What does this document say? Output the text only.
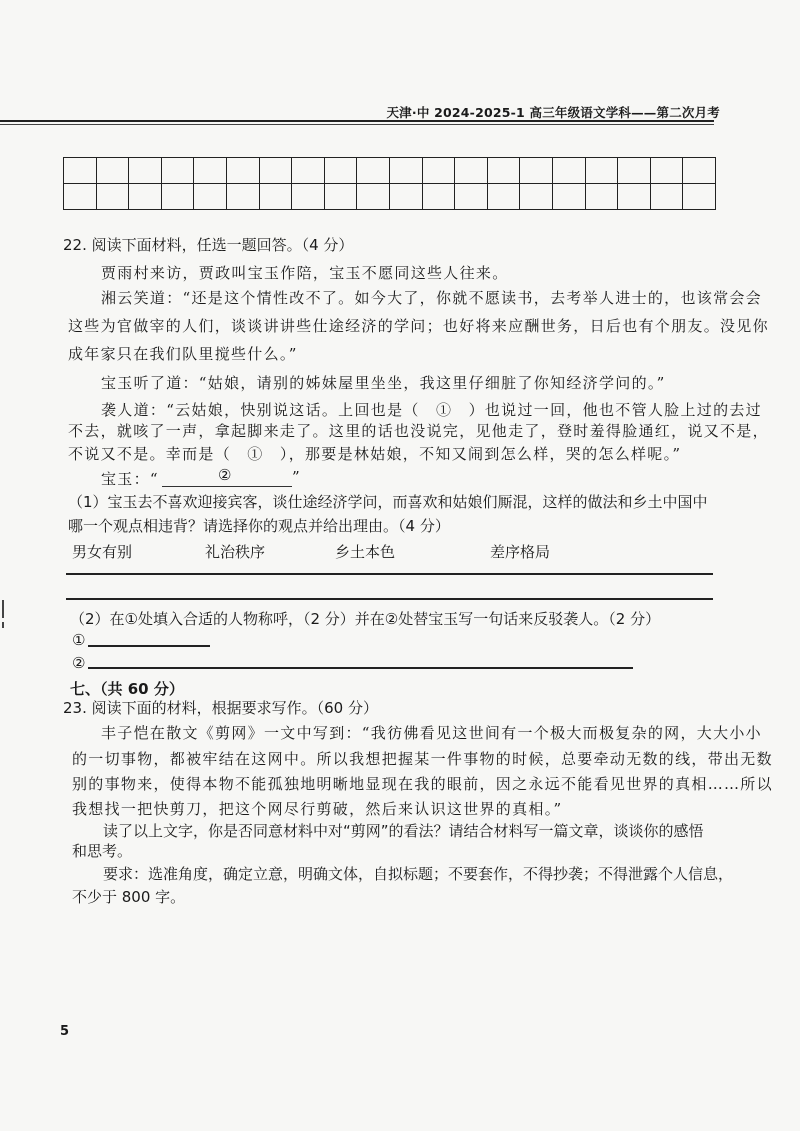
天津·中 2024-2025-1 高三年级语文学科——第二次月考
22. 阅读下面材料，任选一题回答。（4 分）
贾雨村来访，贾政叫宝玉作陪，宝玉不愿同这些人往来。
湘云笑道：“还是这个情性改不了。如今大了，你就不愿读书，去考举人进士的，也该常会会
这些为官做宰的人们，谈谈讲讲些仕途经济的学问；也好将来应酬世务，日后也有个朋友。没见你
成年家只在我们队里搅些什么。”
宝玉听了道：“姑娘，请别的姊妹屋里坐坐，我这里仔细脏了你知经济学问的。”
袭人道：“云姑娘，快别说这话。上回也是（　①　）也说过一回，他也不管人脸上过的去过
不去，就咳了一声，拿起脚来走了。这里的话也没说完，见他走了，登时羞得脸通红，说又不是，
不说又不是。幸而是（　①　），那要是林姑娘，不知又闹到怎么样，哭的怎么样呢。”
宝玉：“	②	”
（1）宝玉去不喜欢迎接宾客，谈仕途经济学问，而喜欢和姑娘们厮混，这样的做法和乡土中国中
哪一个观点相违背？请选择你的观点并给出理由。（4 分）
男女有别	礼治秩序	乡土本色	差序格局
（2）在①处填入合适的人物称呼，（2 分）并在②处替宝玉写一句话来反驳袭人。（2 分）
①
②
七、（共 60 分）
23. 阅读下面的材料，根据要求写作。（60 分）
丰子恺在散文《剪网》一文中写到：“我彷佛看见这世间有一个极大而极复杂的网，大大小小
的一切事物，都被牢结在这网中。所以我想把握某一件事物的时候，总要牵动无数的线，带出无数
别的事物来，使得本物不能孤独地明晰地显现在我的眼前，因之永远不能看见世界的真相……所以
我想找一把快剪刀，把这个网尽行剪破，然后来认识这世界的真相。”
读了以上文字，你是否同意材料中对“剪网”的看法？请结合材料写一篇文章，谈谈你的感悟
和思考。
要求：选准角度，确定立意，明确文体，自拟标题；不要套作，不得抄袭；不得泄露个人信息，
不少于 800 字。
5
